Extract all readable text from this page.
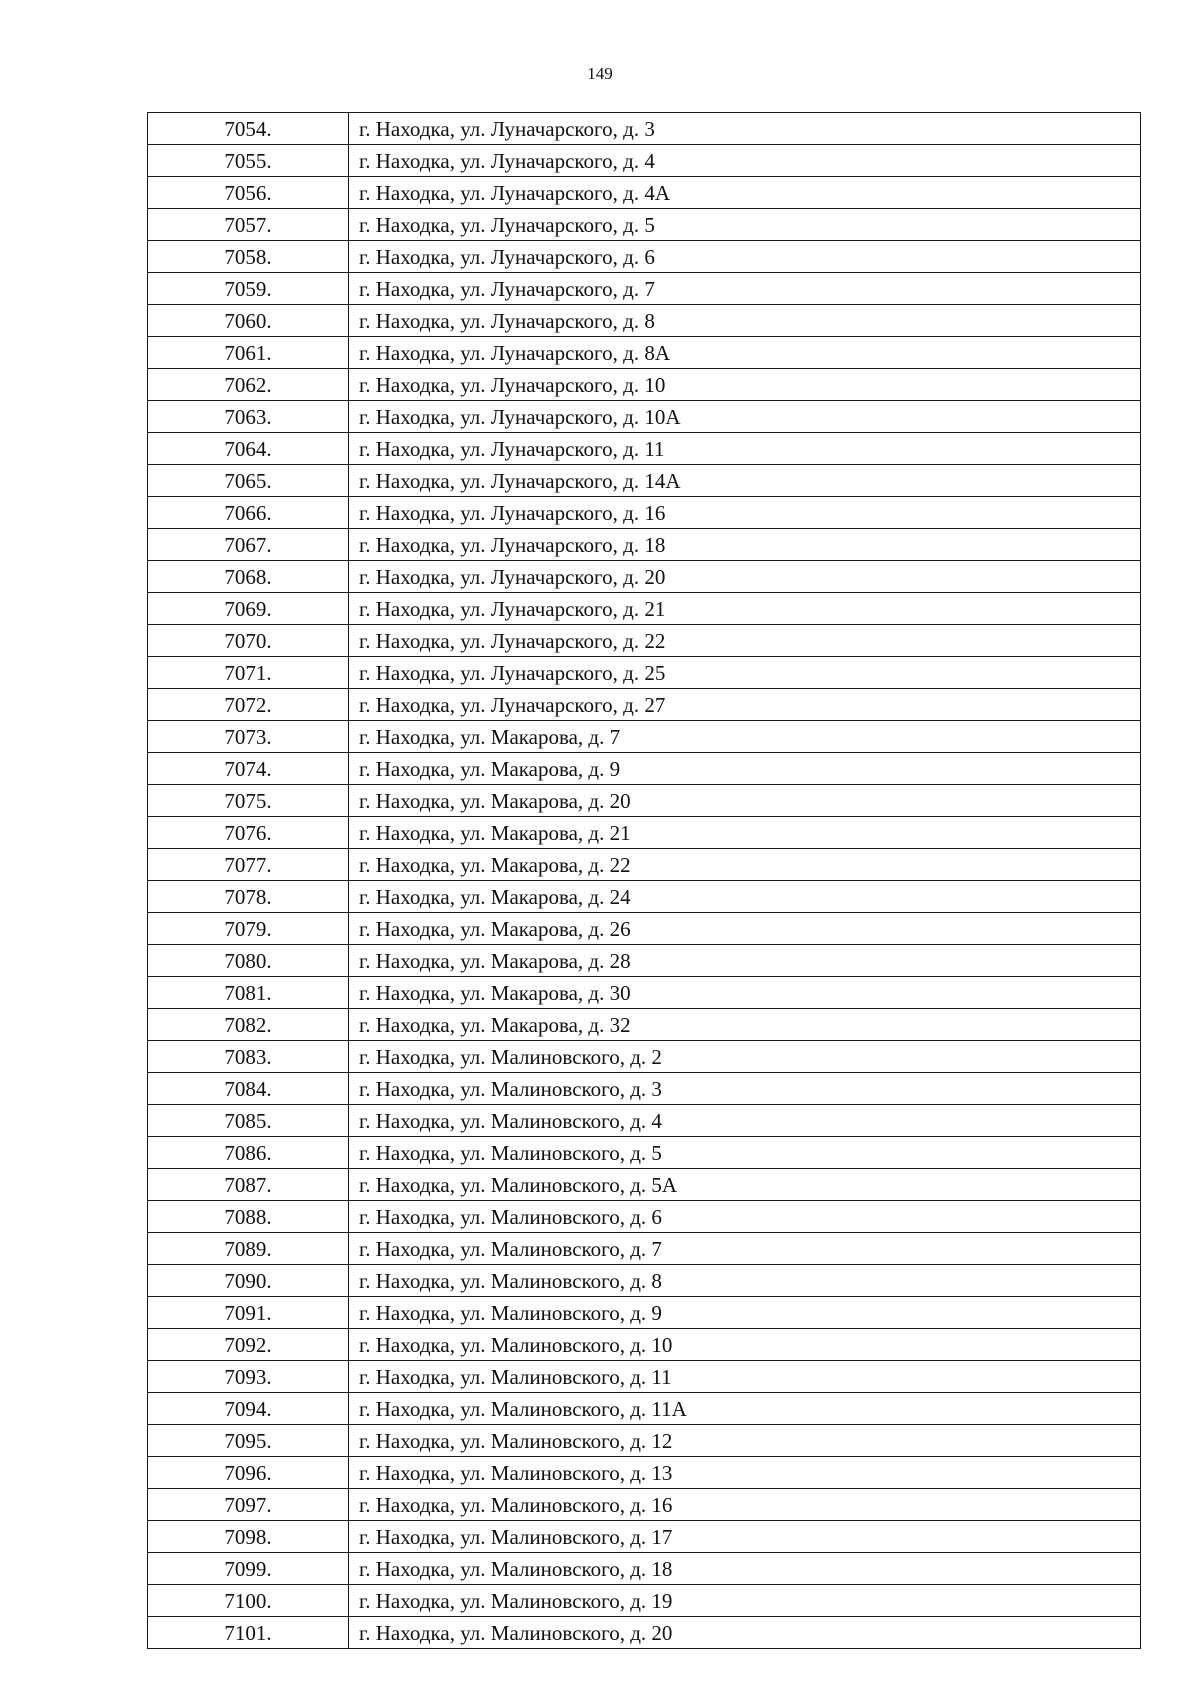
149
7054.	г. Находка, ул. Луначарского, д. 3
7055.	г. Находка, ул. Луначарского, д. 4
7056.	г. Находка, ул. Луначарского, д. 4А
7057.	г. Находка, ул. Луначарского, д. 5
7058.	г. Находка, ул. Луначарского, д. 6
7059.	г. Находка, ул. Луначарского, д. 7
7060.	г. Находка, ул. Луначарского, д. 8
7061.	г. Находка, ул. Луначарского, д. 8А
7062.	г. Находка, ул. Луначарского, д. 10
7063.	г. Находка, ул. Луначарского, д. 10А
7064.	г. Находка, ул. Луначарского, д. 11
7065.	г. Находка, ул. Луначарского, д. 14А
7066.	г. Находка, ул. Луначарского, д. 16
7067.	г. Находка, ул. Луначарского, д. 18
7068.	г. Находка, ул. Луначарского, д. 20
7069.	г. Находка, ул. Луначарского, д. 21
7070.	г. Находка, ул. Луначарского, д. 22
7071.	г. Находка, ул. Луначарского, д. 25
7072.	г. Находка, ул. Луначарского, д. 27
7073.	г. Находка, ул. Макарова, д. 7
7074.	г. Находка, ул. Макарова, д. 9
7075.	г. Находка, ул. Макарова, д. 20
7076.	г. Находка, ул. Макарова, д. 21
7077.	г. Находка, ул. Макарова, д. 22
7078.	г. Находка, ул. Макарова, д. 24
7079.	г. Находка, ул. Макарова, д. 26
7080.	г. Находка, ул. Макарова, д. 28
7081.	г. Находка, ул. Макарова, д. 30
7082.	г. Находка, ул. Макарова, д. 32
7083.	г. Находка, ул. Малиновского, д. 2
7084.	г. Находка, ул. Малиновского, д. 3
7085.	г. Находка, ул. Малиновского, д. 4
7086.	г. Находка, ул. Малиновского, д. 5
7087.	г. Находка, ул. Малиновского, д. 5А
7088.	г. Находка, ул. Малиновского, д. 6
7089.	г. Находка, ул. Малиновского, д. 7
7090.	г. Находка, ул. Малиновского, д. 8
7091.	г. Находка, ул. Малиновского, д. 9
7092.	г. Находка, ул. Малиновского, д. 10
7093.	г. Находка, ул. Малиновского, д. 11
7094.	г. Находка, ул. Малиновского, д. 11А
7095.	г. Находка, ул. Малиновского, д. 12
7096.	г. Находка, ул. Малиновского, д. 13
7097.	г. Находка, ул. Малиновского, д. 16
7098.	г. Находка, ул. Малиновского, д. 17
7099.	г. Находка, ул. Малиновского, д. 18
7100.	г. Находка, ул. Малиновского, д. 19
7101.	г. Находка, ул. Малиновского, д. 20
